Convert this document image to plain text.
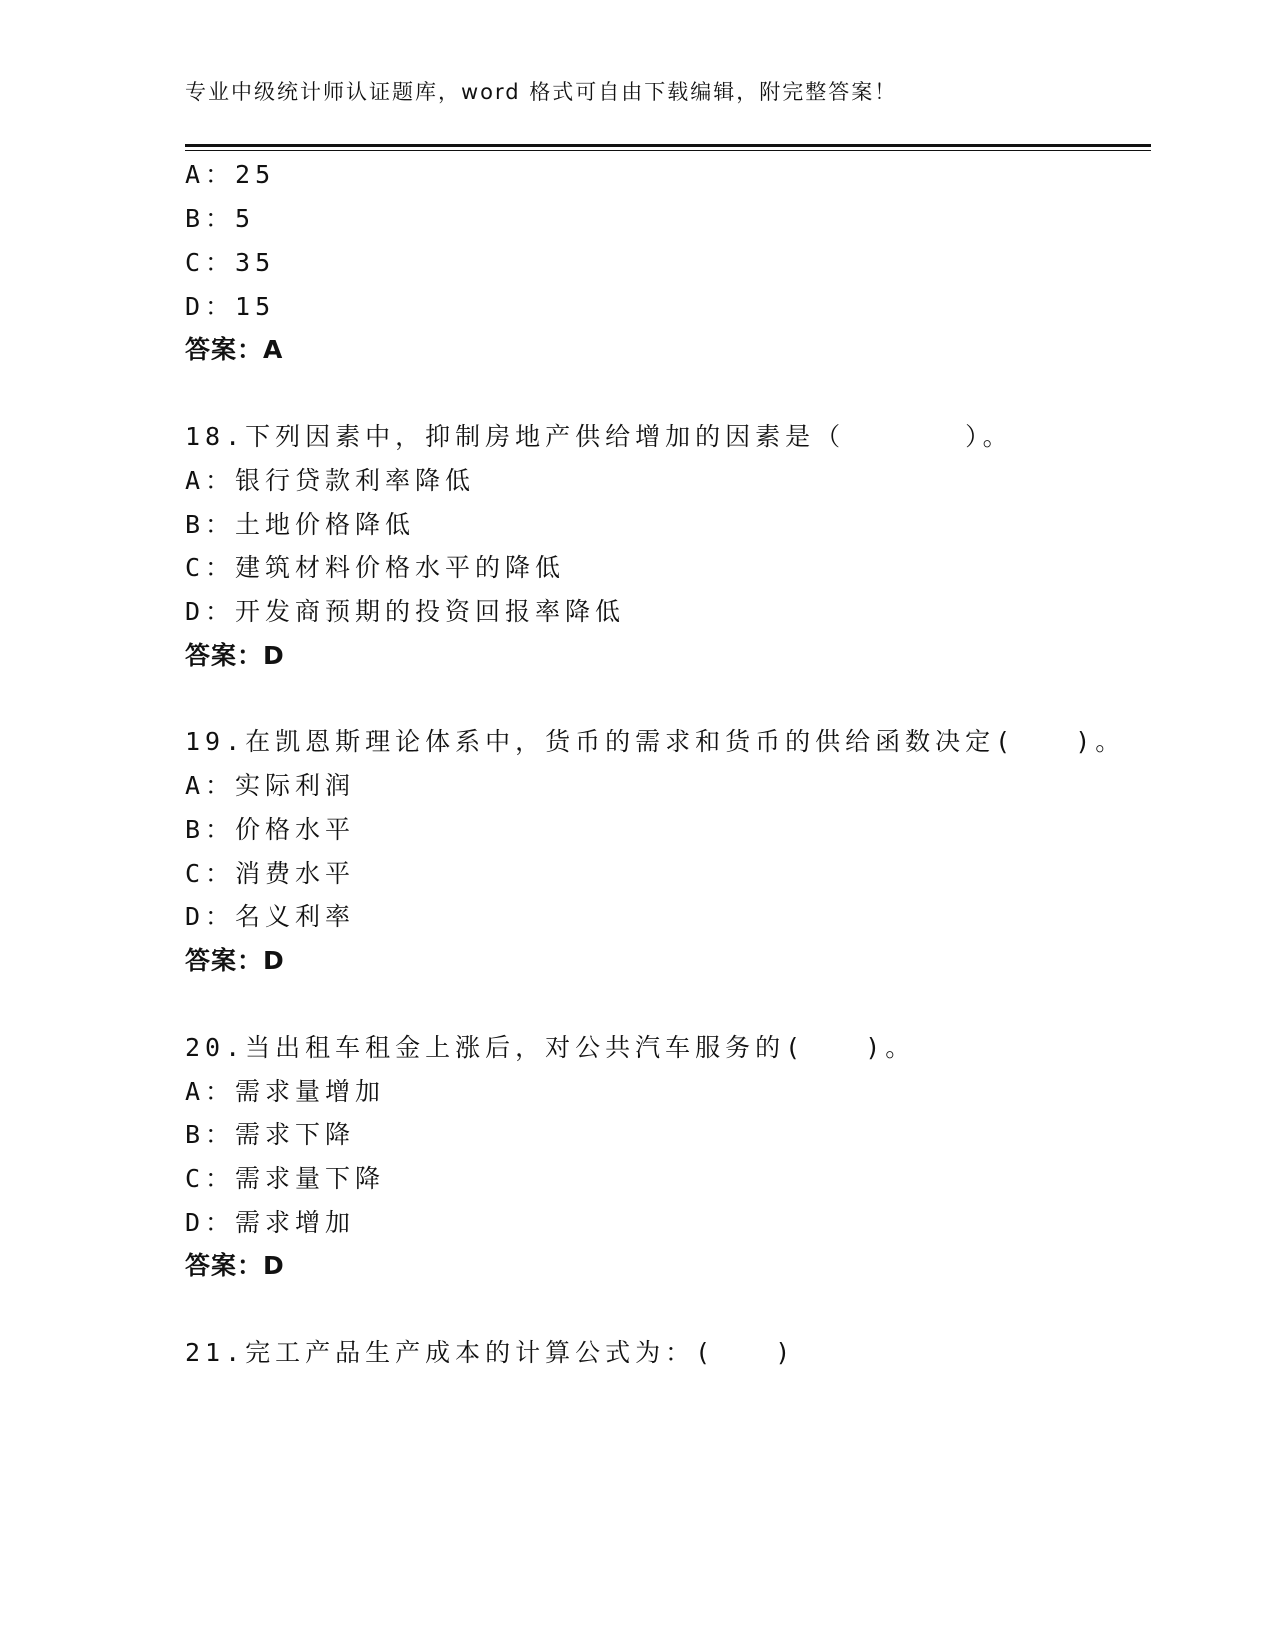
专业中级统计师认证题库，word 格式可自由下载编辑，附完整答案！
A：25
B：5
C：35
D：15
答案：A
18.下列因素中，抑制房地产供给增加的因素是（　　　　）。
A：银行贷款利率降低
B：土地价格降低
C：建筑材料价格水平的降低
D：开发商预期的投资回报率降低
答案：D
19.在凯恩斯理论体系中，货币的需求和货币的供给函数决定(　　)。
A：实际利润
B：价格水平
C：消费水平
D：名义利率
答案：D
20.当出租车租金上涨后，对公共汽车服务的(　　)。
A：需求量增加
B：需求下降
C：需求量下降
D：需求增加
答案：D
21.完工产品生产成本的计算公式为：(　　)
